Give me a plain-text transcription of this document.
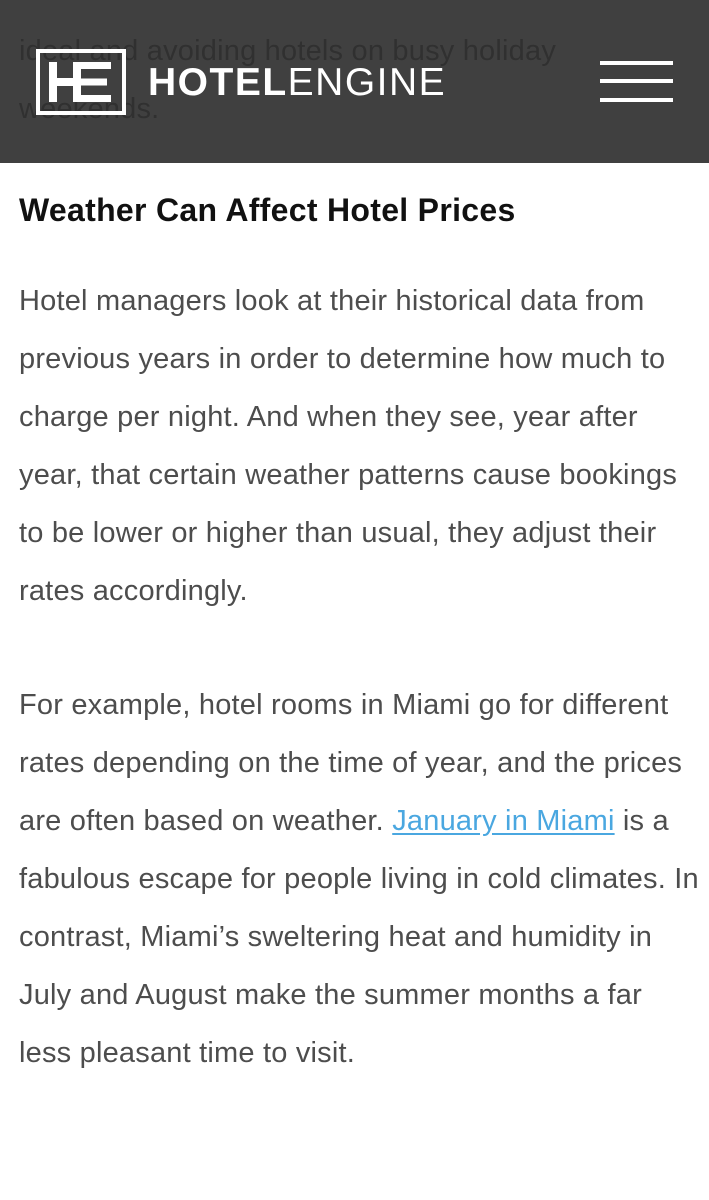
HOTELENGINE
Weather Can Affect Hotel Prices

Hotel managers look at their historical data from previous years in order to determine how much to charge per night. And when they see, year after year, that certain weather patterns cause bookings to be lower or higher than usual, they adjust their rates accordingly.

For example, hotel rooms in Miami go for different rates depending on the time of year, and the prices are often based on weather. January in Miami is a fabulous escape for people living in cold climates. In contrast, Miami’s sweltering heat and humidity in July and August make the summer months a far less pleasant time to visit.
